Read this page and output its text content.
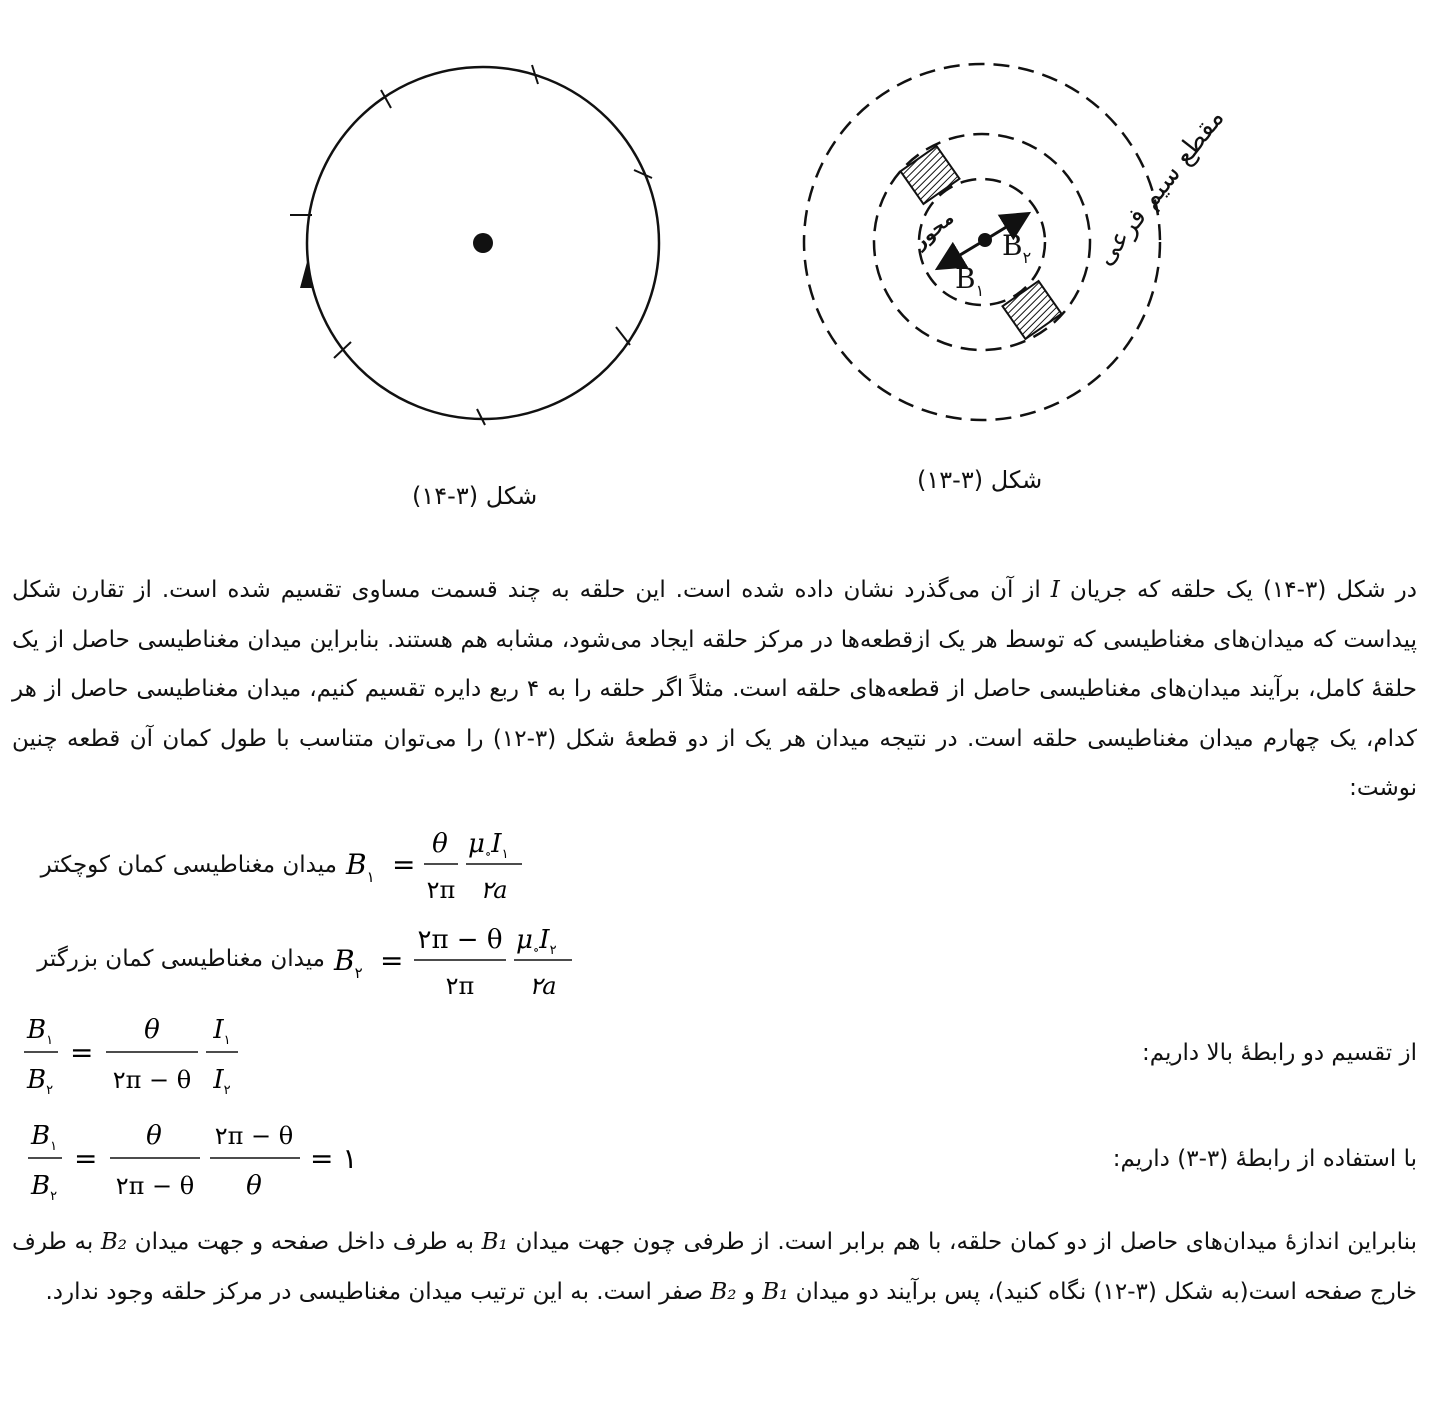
شکل (۳-۱۴)
محور $B_۲$
$B_۱$
مقطع سیم فرعی
شکل (۳-۱۳)
در شکل (۳-۱۴) یک حلقه که جریان I از آن می‌گذرد نشان داده شده است. این حلقه به چند قسمت مساوی تقسیم شده است. از تقارن شکل پیداست که میدان‌های مغناطیسی که توسط هر یک ازقطعه‌ها در مرکز حلقه ایجاد می‌شود، مشابه هم هستند. بنابراین میدان مغناطیسی حاصل از یک حلقهٔ کامل، برآیند میدان‌های مغناطیسی حاصل از قطعه‌های حلقه است. مثلاً اگر حلقه را به ۴ ربع دایره تقسیم کنیم، میدان مغناطیسی حاصل از هر کدام، یک چهارم میدان مغناطیسی حلقه است. در نتیجه میدان هر یک از دو قطعهٔ شکل (۳-۱۲) را می‌توان متناسب با طول کمان آن قطعه چنین نوشت:
میدان مغناطیسی کمان کوچکتر $B_۱$ =
θ
۲π
$\mu_\circ I_۱$
۲a
میدان مغناطیسی کمان بزرگتر $B_۲$ =
۲π − θ
۲π
$\mu_\circ I_۲$
۲a
از تقسیم دو رابطهٔ بالا داریم:
$B_۱$
$B_۲$
=
θ
۲π − θ
$I_۱$
$I_۲$
با استفاده از رابطهٔ (۳-۳) داریم:
$B_۱$
$B_۲$
=
θ
۲π − θ
۲π − θ
θ
= ۱
بنابراین اندازهٔ میدان‌های حاصل از دو کمان حلقه، با هم برابر است. از طرفی چون جهت میدان B₁ به طرف داخل صفحه و جهت میدان B₂ به طرف خارج صفحه است(به شکل (۳-۱۲) نگاه کنید)، پس برآیند دو میدان B₁ و B₂ صفر است. به این ترتیب میدان مغناطیسی در مرکز حلقه وجود ندارد.
